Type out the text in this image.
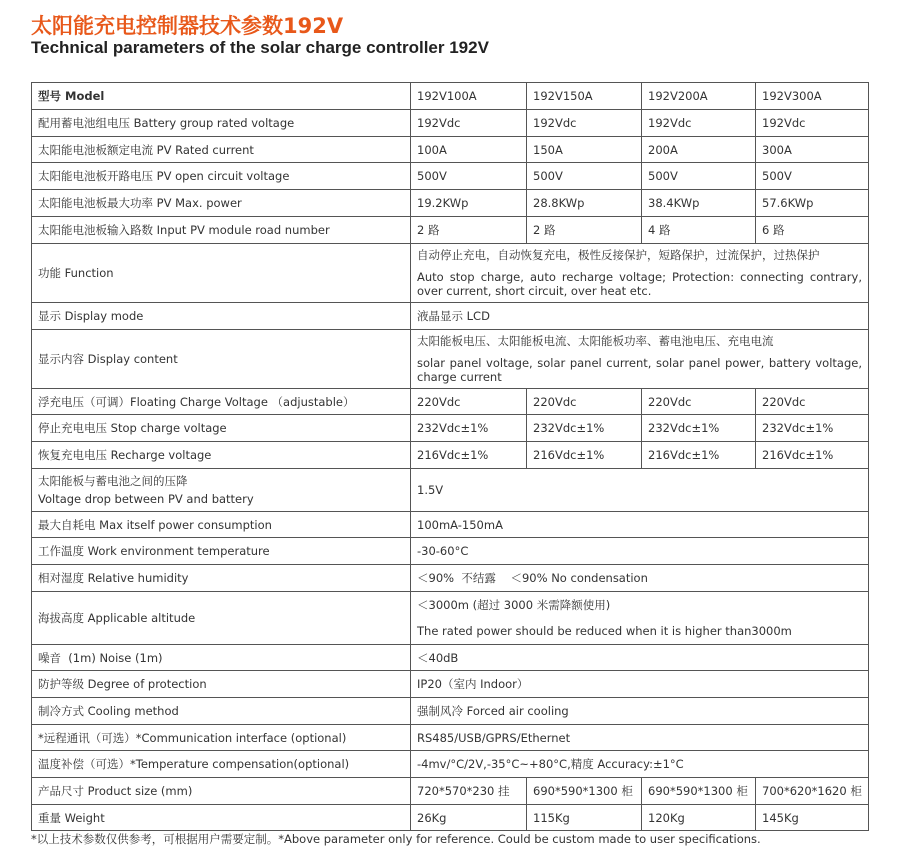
太阳能充电控制器技术参数192V
Technical parameters of the solar charge controller 192V
型号 Model	192V100A	192V150A	192V200A	192V300A
配用蓄电池组电压 Battery group rated voltage	192Vdc	192Vdc	192Vdc	192Vdc
太阳能电池板额定电流 PV Rated current	100A	150A	200A	300A
太阳能电池板开路电压 PV open circuit voltage	500V	500V	500V	500V
太阳能电池板最大功率 PV Max. power	19.2KWp	28.8KWp	38.4KWp	57.6KWp
太阳能电池板输入路数 Input PV module road number	2 路	2 路	4 路	6 路
功能 Function	自动停止充电，自动恢复充电，极性反接保护，短路保护，过流保护，过热保护
Auto stop charge, auto recharge voltage; Protection: connecting contrary, over current, short circuit, over heat etc.			

显示 Display mode	液晶显示 LCD			
显示内容 Display content	太阳能板电压、太阳能板电流、太阳能板功率、蓄电池电压、充电电流
solar panel voltage, solar panel current, solar panel power, battery voltage, charge current			

浮充电压（可调）Floating Charge Voltage （adjustable）	220Vdc	220Vdc	220Vdc	220Vdc
停止充电电压 Stop charge voltage	232Vdc±1%	232Vdc±1%	232Vdc±1%	232Vdc±1%
恢复充电电压 Recharge voltage	216Vdc±1%	216Vdc±1%	216Vdc±1%	216Vdc±1%

太阳能板与蓄电池之间的压降
Voltage drop between PV and battery	1.5V			
最大自耗电 Max itself power consumption	100mA-150mA			
工作温度 Work environment temperature	-30-60°C			
相对湿度 Relative humidity	＜90%  不结露    ＜90% No condensation			
海拔高度 Applicable altitude	＜3000m (超过 3000 米需降额使用)
The rated power should be reduced when it is higher than3000m			

噪音  (1m) Noise (1m)	＜40dB			
防护等级 Degree of protection	IP20（室内 Indoor）			
制冷方式 Cooling method	强制风冷 Forced air cooling			
*远程通讯（可选）*Communication interface (optional)	RS485/USB/GPRS/Ethernet			
温度补偿（可选）*Temperature compensation(optional)	-4mv/°C/2V,-35°C~+80°C,精度 Accuracy:±1°C			
产品尺寸 Product size (mm)	720*570*230 挂	690*590*1300 柜	690*590*1300 柜	700*620*1620 柜
重量 Weight	26Kg	115Kg	120Kg	145Kg
*以上技术参数仅供参考，可根据用户需要定制。*Above parameter only for reference. Could be custom made to user specifications.
